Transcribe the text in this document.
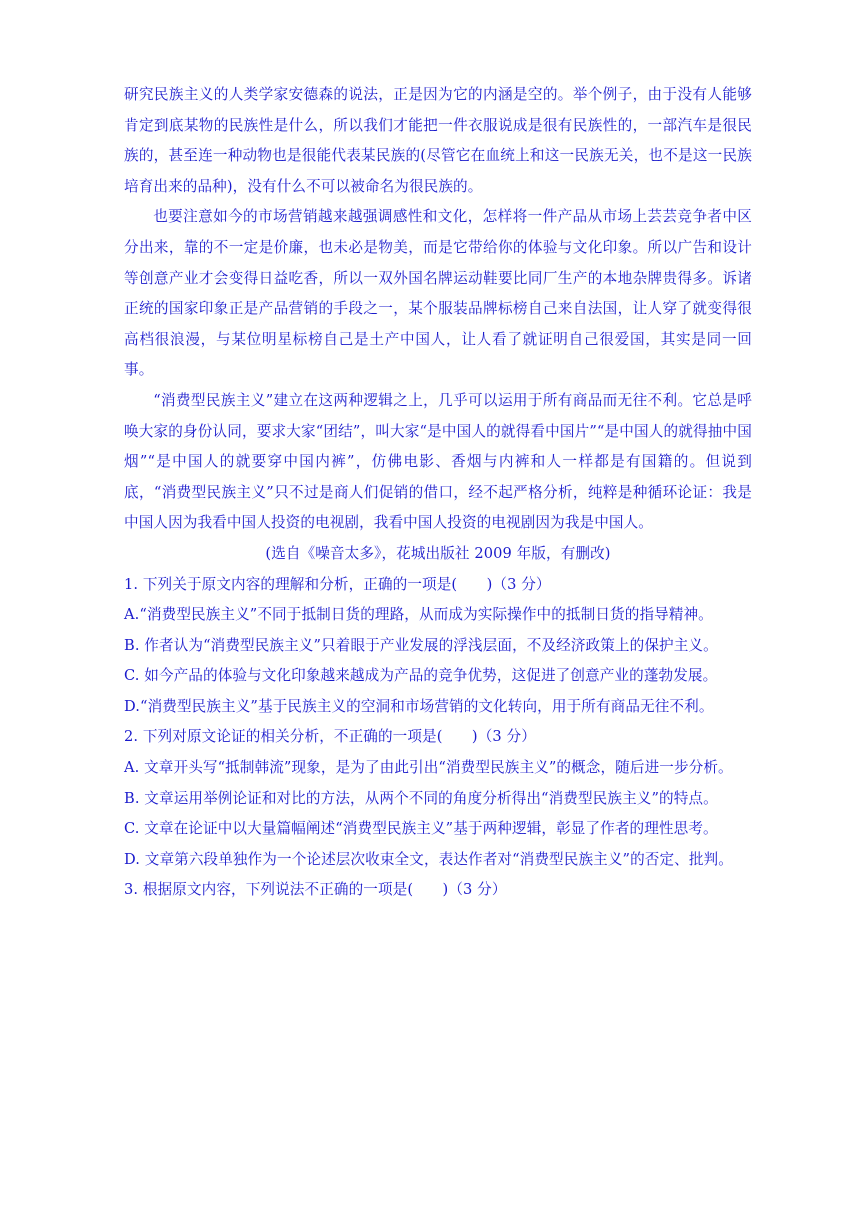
研究民族主义的人类学家安德森的说法，正是因为它的内涵是空的。举个例子，由于没有人能够肯定到底某物的民族性是什么，所以我们才能把一件衣服说成是很有民族性的，一部汽车是很民族的，甚至连一种动物也是很能代表某民族的(尽管它在血统上和这一民族无关，也不是这一民族培育出来的品种)，没有什么不可以被命名为很民族的。

也要注意如今的市场营销越来越强调感性和文化，怎样将一件产品从市场上芸芸竞争者中区分出来，靠的不一定是价廉，也未必是物美，而是它带给你的体验与文化印象。所以广告和设计等创意产业才会变得日益吃香，所以一双外国名牌运动鞋要比同厂生产的本地杂牌贵得多。诉诸正统的国家印象正是产品营销的手段之一，某个服装品牌标榜自己来自法国，让人穿了就变得很高档很浪漫，与某位明星标榜自己是土产中国人，让人看了就证明自己很爱国，其实是同一回事。

“消费型民族主义”建立在这两种逻辑之上，几乎可以运用于所有商品而无往不利。它总是呼唤大家的身份认同，要求大家“团结”，叫大家“是中国人的就得看中国片”“是中国人的就得抽中国烟”“是中国人的就要穿中国内裤”，仿佛电影、香烟与内裤和人一样都是有国籍的。但说到底，“消费型民族主义”只不过是商人们促销的借口，经不起严格分析，纯粹是种循环论证：我是中国人因为我看中国人投资的电视剧，我看中国人投资的电视剧因为我是中国人。

(选自《噪音太多》，花城出版社 2009 年版，有删改)

1. 下列关于原文内容的理解和分析，正确的一项是(　　)（3 分）

A.“消费型民族主义”不同于抵制日货的理路，从而成为实际操作中的抵制日货的指导精神。

B. 作者认为“消费型民族主义”只着眼于产业发展的浮浅层面，不及经济政策上的保护主义。

C. 如今产品的体验与文化印象越来越成为产品的竞争优势，这促进了创意产业的蓬勃发展。

D.“消费型民族主义”基于民族主义的空洞和市场营销的文化转向，用于所有商品无往不利。

2. 下列对原文论证的相关分析，不正确的一项是(　　)（3 分）

A. 文章开头写“抵制韩流”现象，是为了由此引出“消费型民族主义”的概念，随后进一步分析。

B. 文章运用举例论证和对比的方法，从两个不同的角度分析得出“消费型民族主义”的特点。

C. 文章在论证中以大量篇幅阐述“消费型民族主义”基于两种逻辑，彰显了作者的理性思考。

D. 文章第六段单独作为一个论述层次收束全文，表达作者对“消费型民族主义”的否定、批判。

3. 根据原文内容，下列说法不正确的一项是(　　)（3 分）
